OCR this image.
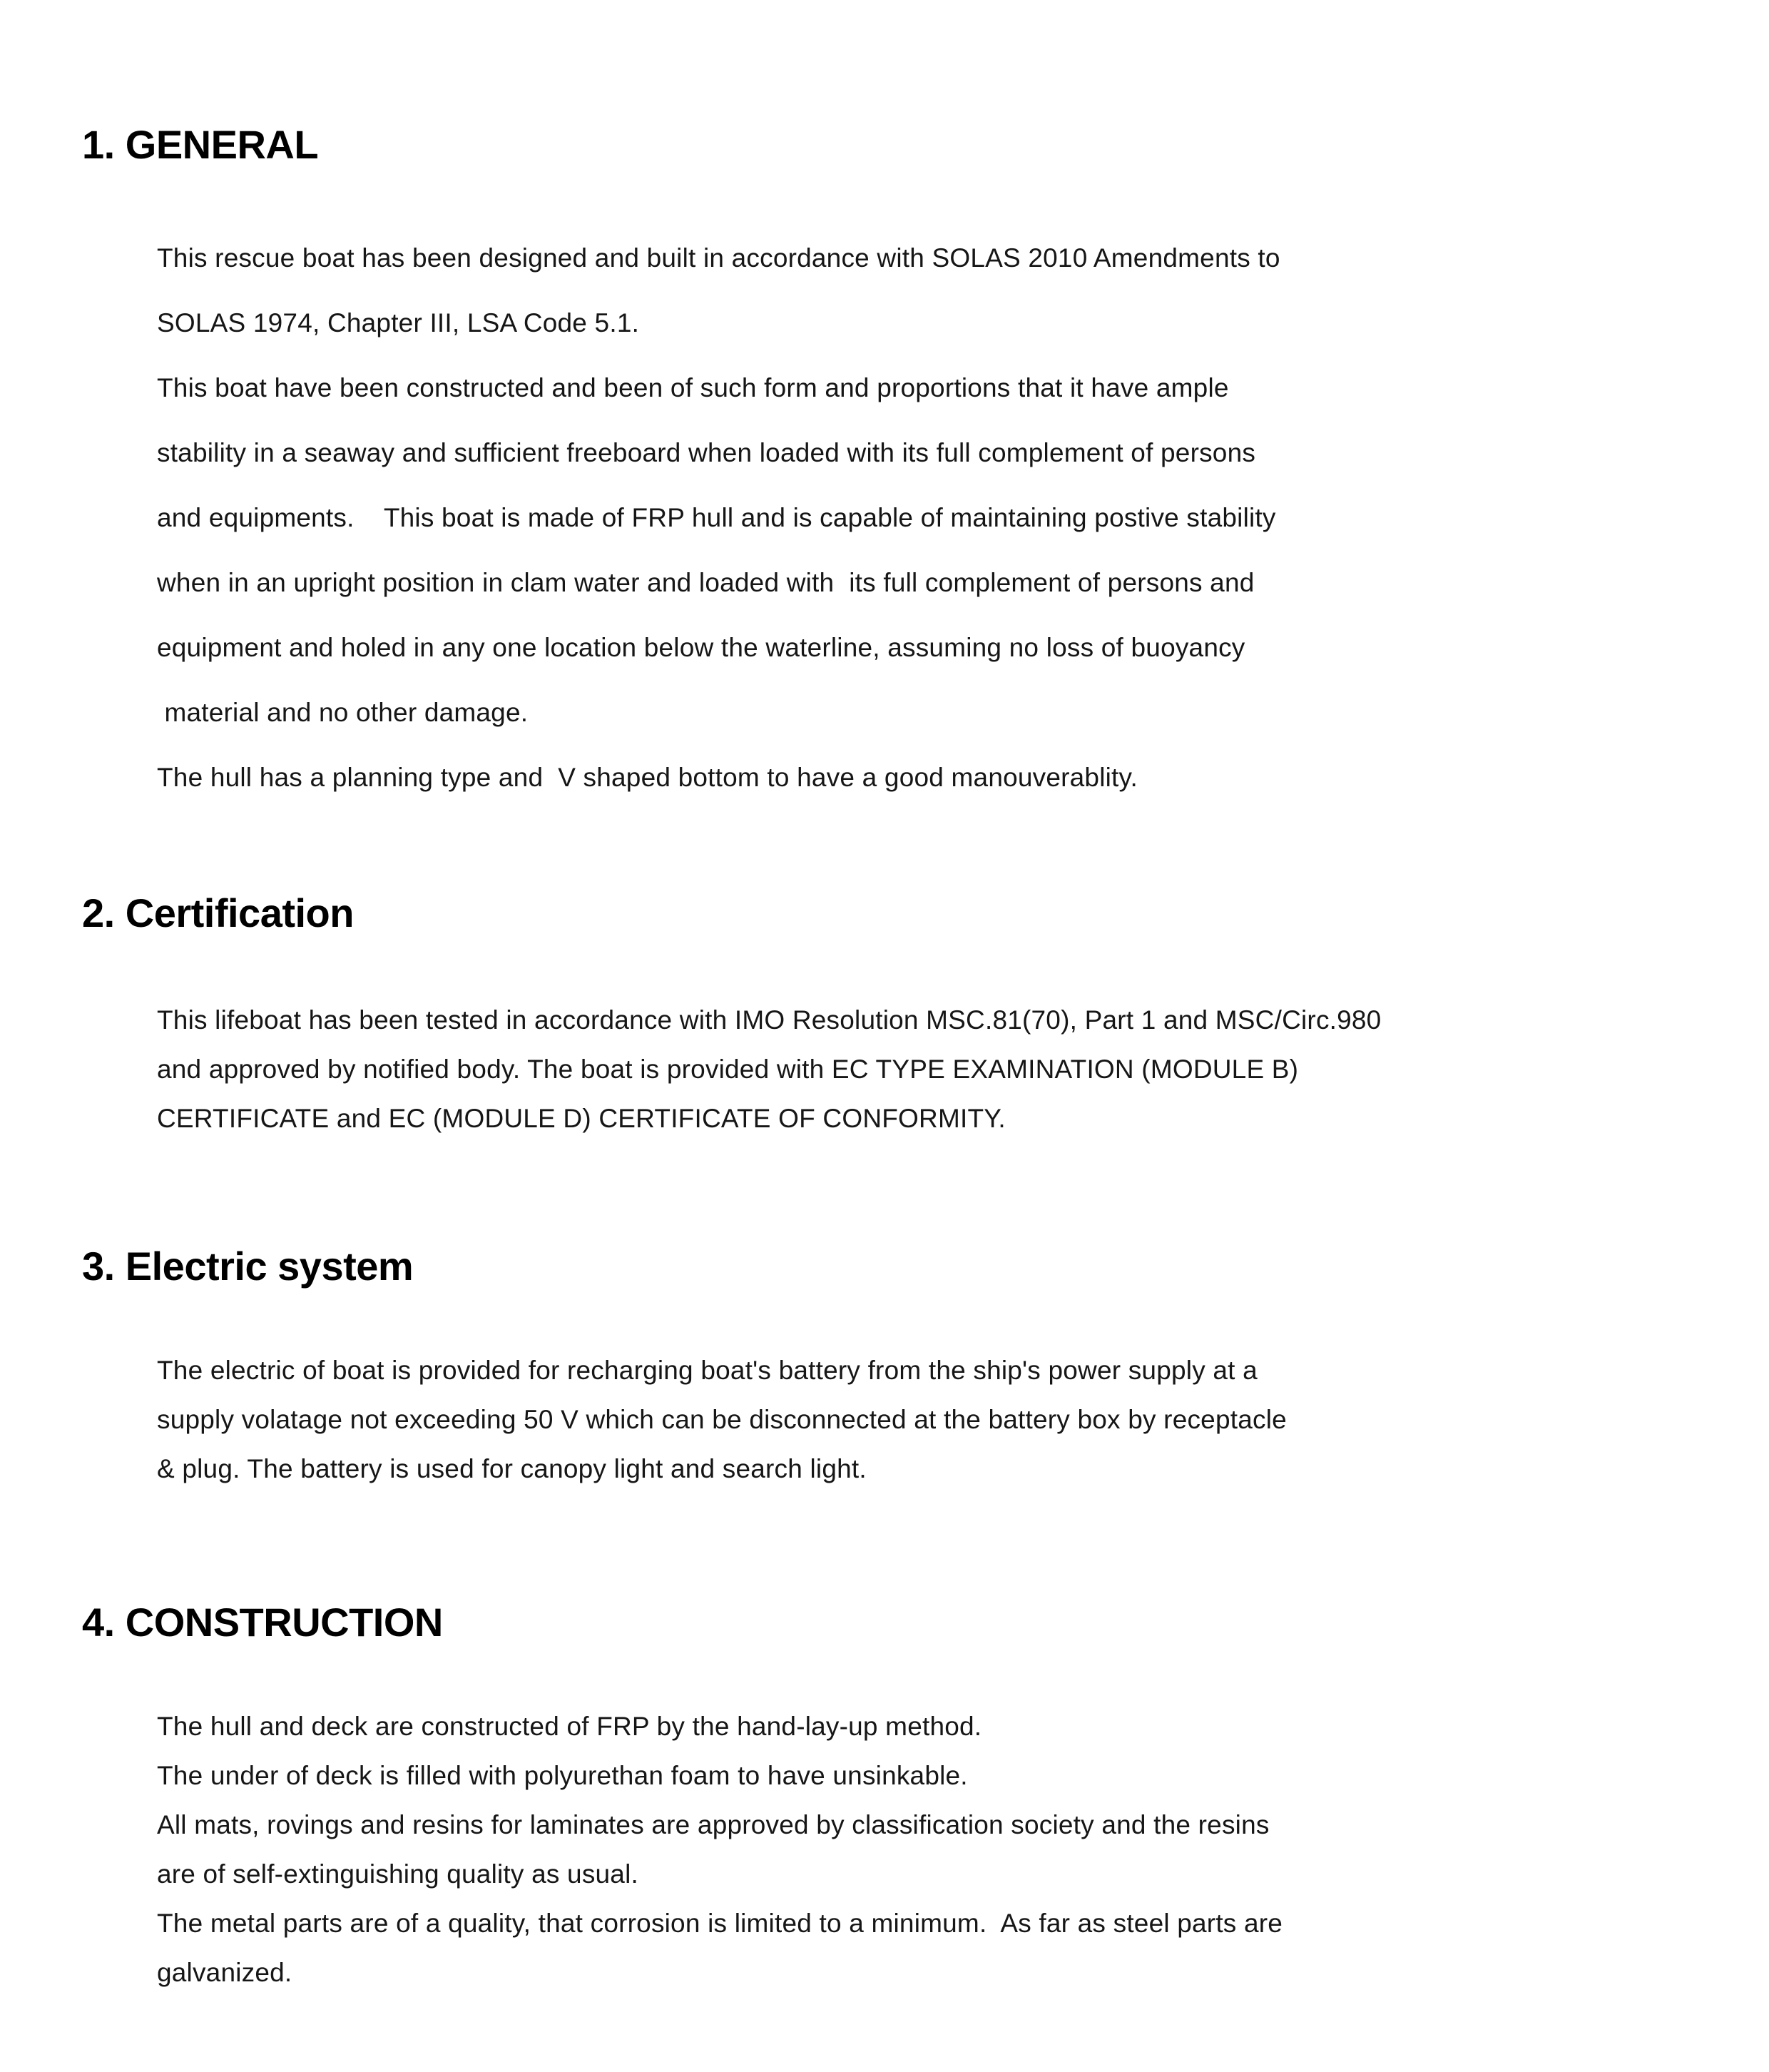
1. GENERAL
This rescue boat has been designed and built in accordance with SOLAS 2010 Amendments to
SOLAS 1974, Chapter III, LSA Code 5.1.
This boat have been constructed and been of such form and proportions that it have ample
stability in a seaway and sufficient freeboard when loaded with its full complement of persons
and equipments.    This boat is made of FRP hull and is capable of maintaining postive stability
when in an upright position in clam water and loaded with  its full complement of persons and
equipment and holed in any one location below the waterline, assuming no loss of buoyancy
material and no other damage.
The hull has a planning type and  V shaped bottom to have a good manouverablity.
2. Certification
This lifeboat has been tested in accordance with IMO Resolution MSC.81(70), Part 1 and MSC/Circ.980
and approved by notified body. The boat is provided with EC TYPE EXAMINATION (MODULE B)
CERTIFICATE and EC (MODULE D) CERTIFICATE OF CONFORMITY.
3. Electric system
The electric of boat is provided for recharging boat's battery from the ship's power supply at a
supply volatage not exceeding 50 V which can be disconnected at the battery box by receptacle
& plug. The battery is used for canopy light and search light.
4. CONSTRUCTION
The hull and deck are constructed of FRP by the hand-lay-up method.
The under of deck is filled with polyurethan foam to have unsinkable.
All mats, rovings and resins for laminates are approved by classification society and the resins
are of self-extinguishing quality as usual.
The metal parts are of a quality, that corrosion is limited to a minimum.  As far as steel parts are
galvanized.
